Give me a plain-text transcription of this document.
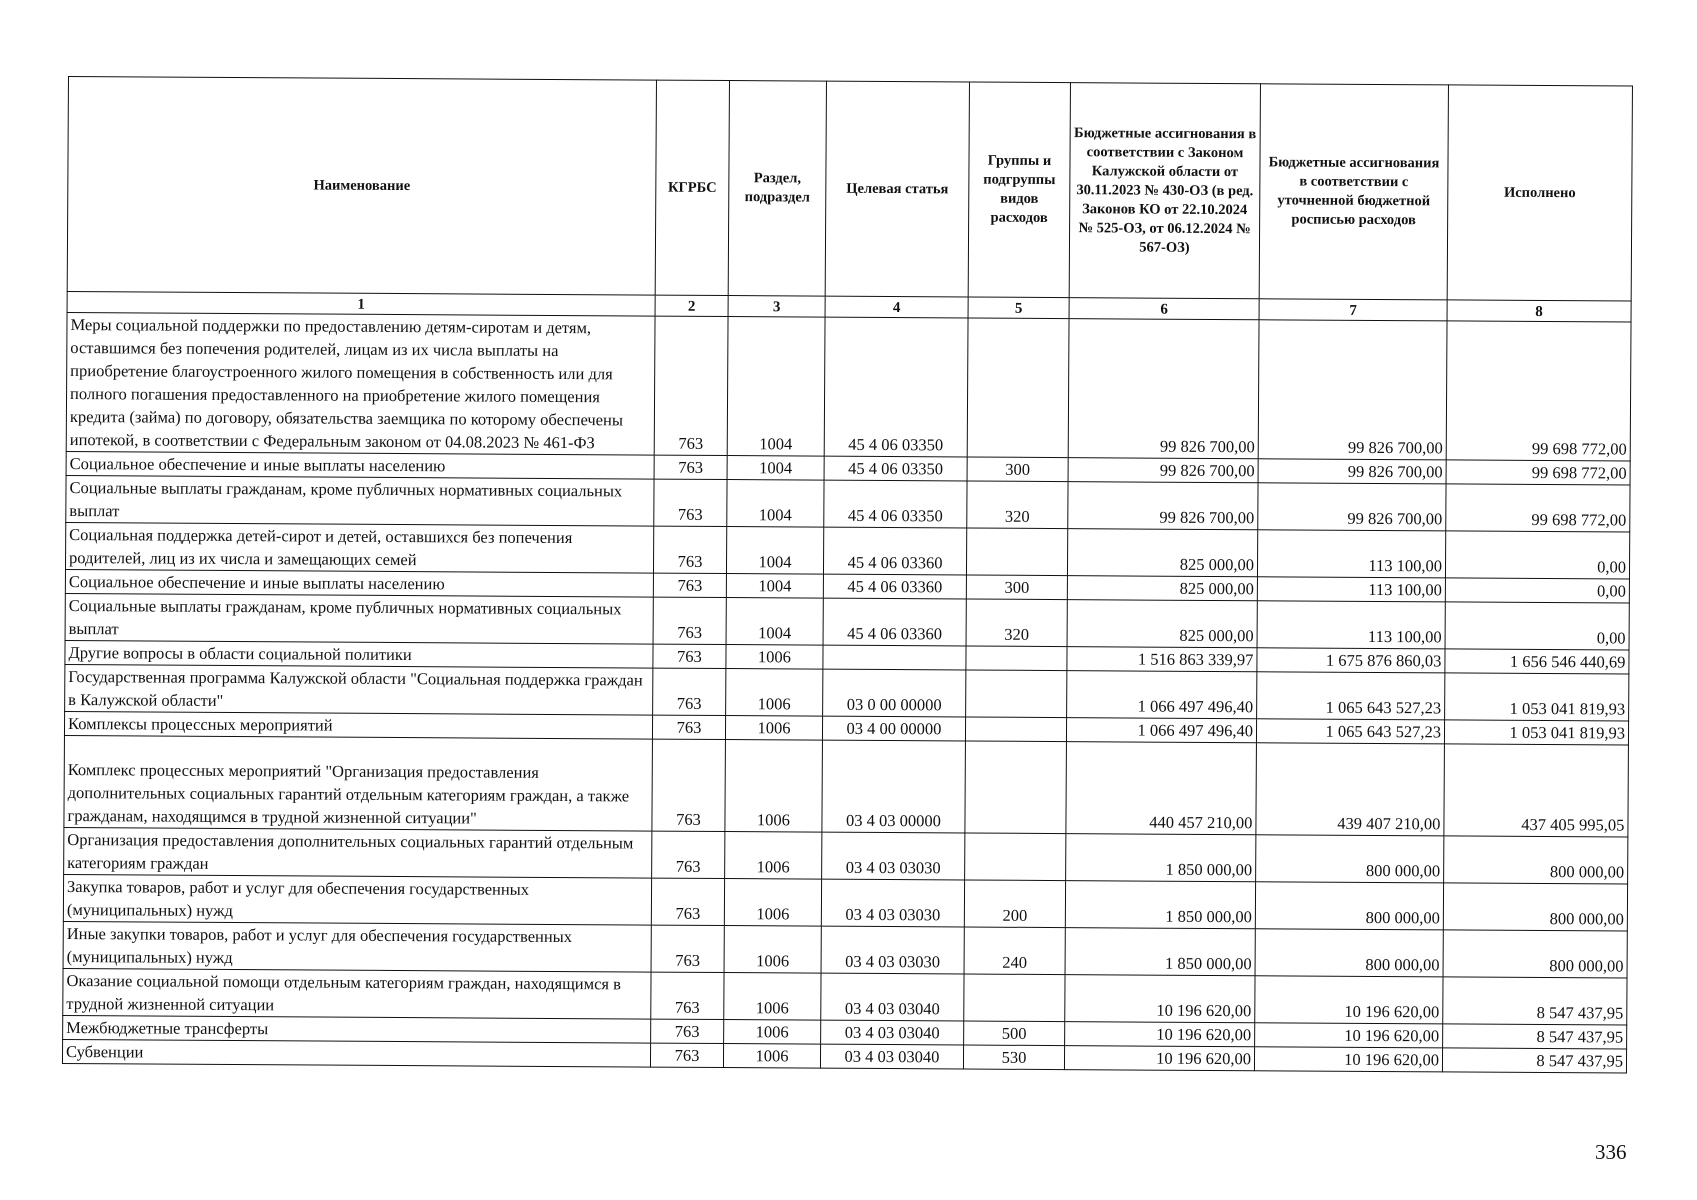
Наименование	КГРБС	Раздел, подраздел	Целевая статья	Группы и подгруппы видов расходов	Бюджетные ассигнования в соответствии с Законом Калужской области от 30.11.2023 № 430-ОЗ (в ред. Законов КО от 22.10.2024 № 525-ОЗ, от 06.12.2024 № 567-ОЗ)	Бюджетные ассигнования в соответствии с уточненной бюджетной росписью расходов	Исполнено
1	2	3	4	5	6	7	8
Меры социальной поддержки по предоставлению детям-сиротам и детям, оставшимся без попечения родителей, лицам из их числа выплаты на приобретение благоустроенного жилого помещения в собственность или для полного погашения предоставленного на приобретение жилого помещения кредита (займа) по договору, обязательства заемщика по которому обеспечены ипотекой, в соответствии с Федеральным законом от 04.08.2023 № 461-ФЗ	763	1004	45 4 06 03350		99 826 700,00	99 826 700,00	99 698 772,00
Социальное обеспечение и иные выплаты населению	763	1004	45 4 06 03350	300	99 826 700,00	99 826 700,00	99 698 772,00
Социальные выплаты гражданам, кроме публичных нормативных социальных выплат	763	1004	45 4 06 03350	320	99 826 700,00	99 826 700,00	99 698 772,00
Социальная поддержка детей-сирот и детей, оставшихся без попечения родителей, лиц из их числа и замещающих семей	763	1004	45 4 06 03360		825 000,00	113 100,00	0,00
Социальное обеспечение и иные выплаты населению	763	1004	45 4 06 03360	300	825 000,00	113 100,00	0,00
Социальные выплаты гражданам, кроме публичных нормативных социальных выплат	763	1004	45 4 06 03360	320	825 000,00	113 100,00	0,00
Другие вопросы в области социальной политики	763	1006			1 516 863 339,97	1 675 876 860,03	1 656 546 440,69
Государственная программа Калужской области "Социальная поддержка граждан в Калужской области"	763	1006	03 0 00 00000		1 066 497 496,40	1 065 643 527,23	1 053 041 819,93
Комплексы процессных мероприятий	763	1006	03 4 00 00000		1 066 497 496,40	1 065 643 527,23	1 053 041 819,93
Комплекс процессных мероприятий "Организация предоставления дополнительных социальных гарантий отдельным категориям граждан, а также гражданам, находящимся в трудной жизненной ситуации"	763	1006	03 4 03 00000		440 457 210,00	439 407 210,00	437 405 995,05
Организация предоставления дополнительных социальных гарантий отдельным категориям граждан	763	1006	03 4 03 03030		1 850 000,00	800 000,00	800 000,00
Закупка товаров, работ и услуг для обеспечения государственных (муниципальных) нужд	763	1006	03 4 03 03030	200	1 850 000,00	800 000,00	800 000,00
Иные закупки товаров, работ и услуг для обеспечения государственных (муниципальных) нужд	763	1006	03 4 03 03030	240	1 850 000,00	800 000,00	800 000,00
Оказание социальной помощи отдельным категориям граждан, находящимся в трудной жизненной ситуации	763	1006	03 4 03 03040		10 196 620,00	10 196 620,00	8 547 437,95
Межбюджетные трансферты	763	1006	03 4 03 03040	500	10 196 620,00	10 196 620,00	8 547 437,95
Субвенции	763	1006	03 4 03 03040	530	10 196 620,00	10 196 620,00	8 547 437,95
336
